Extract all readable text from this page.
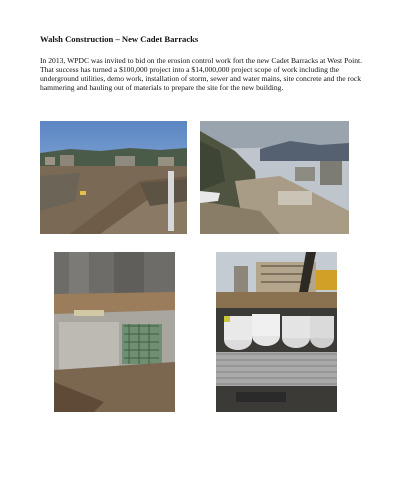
Walsh Construction – New Cadet Barracks
In 2013, WPDC was invited to bid on the erosion control work fort the new Cadet Barracks at West Point. That success has turned a $100,000 project into a $14,000,000 project scope of work including the underground utilities, demo work, installation of storm, sewer and water mains, site concrete and the rock hammering and hauling out of materials to prepare the site for the new building.
